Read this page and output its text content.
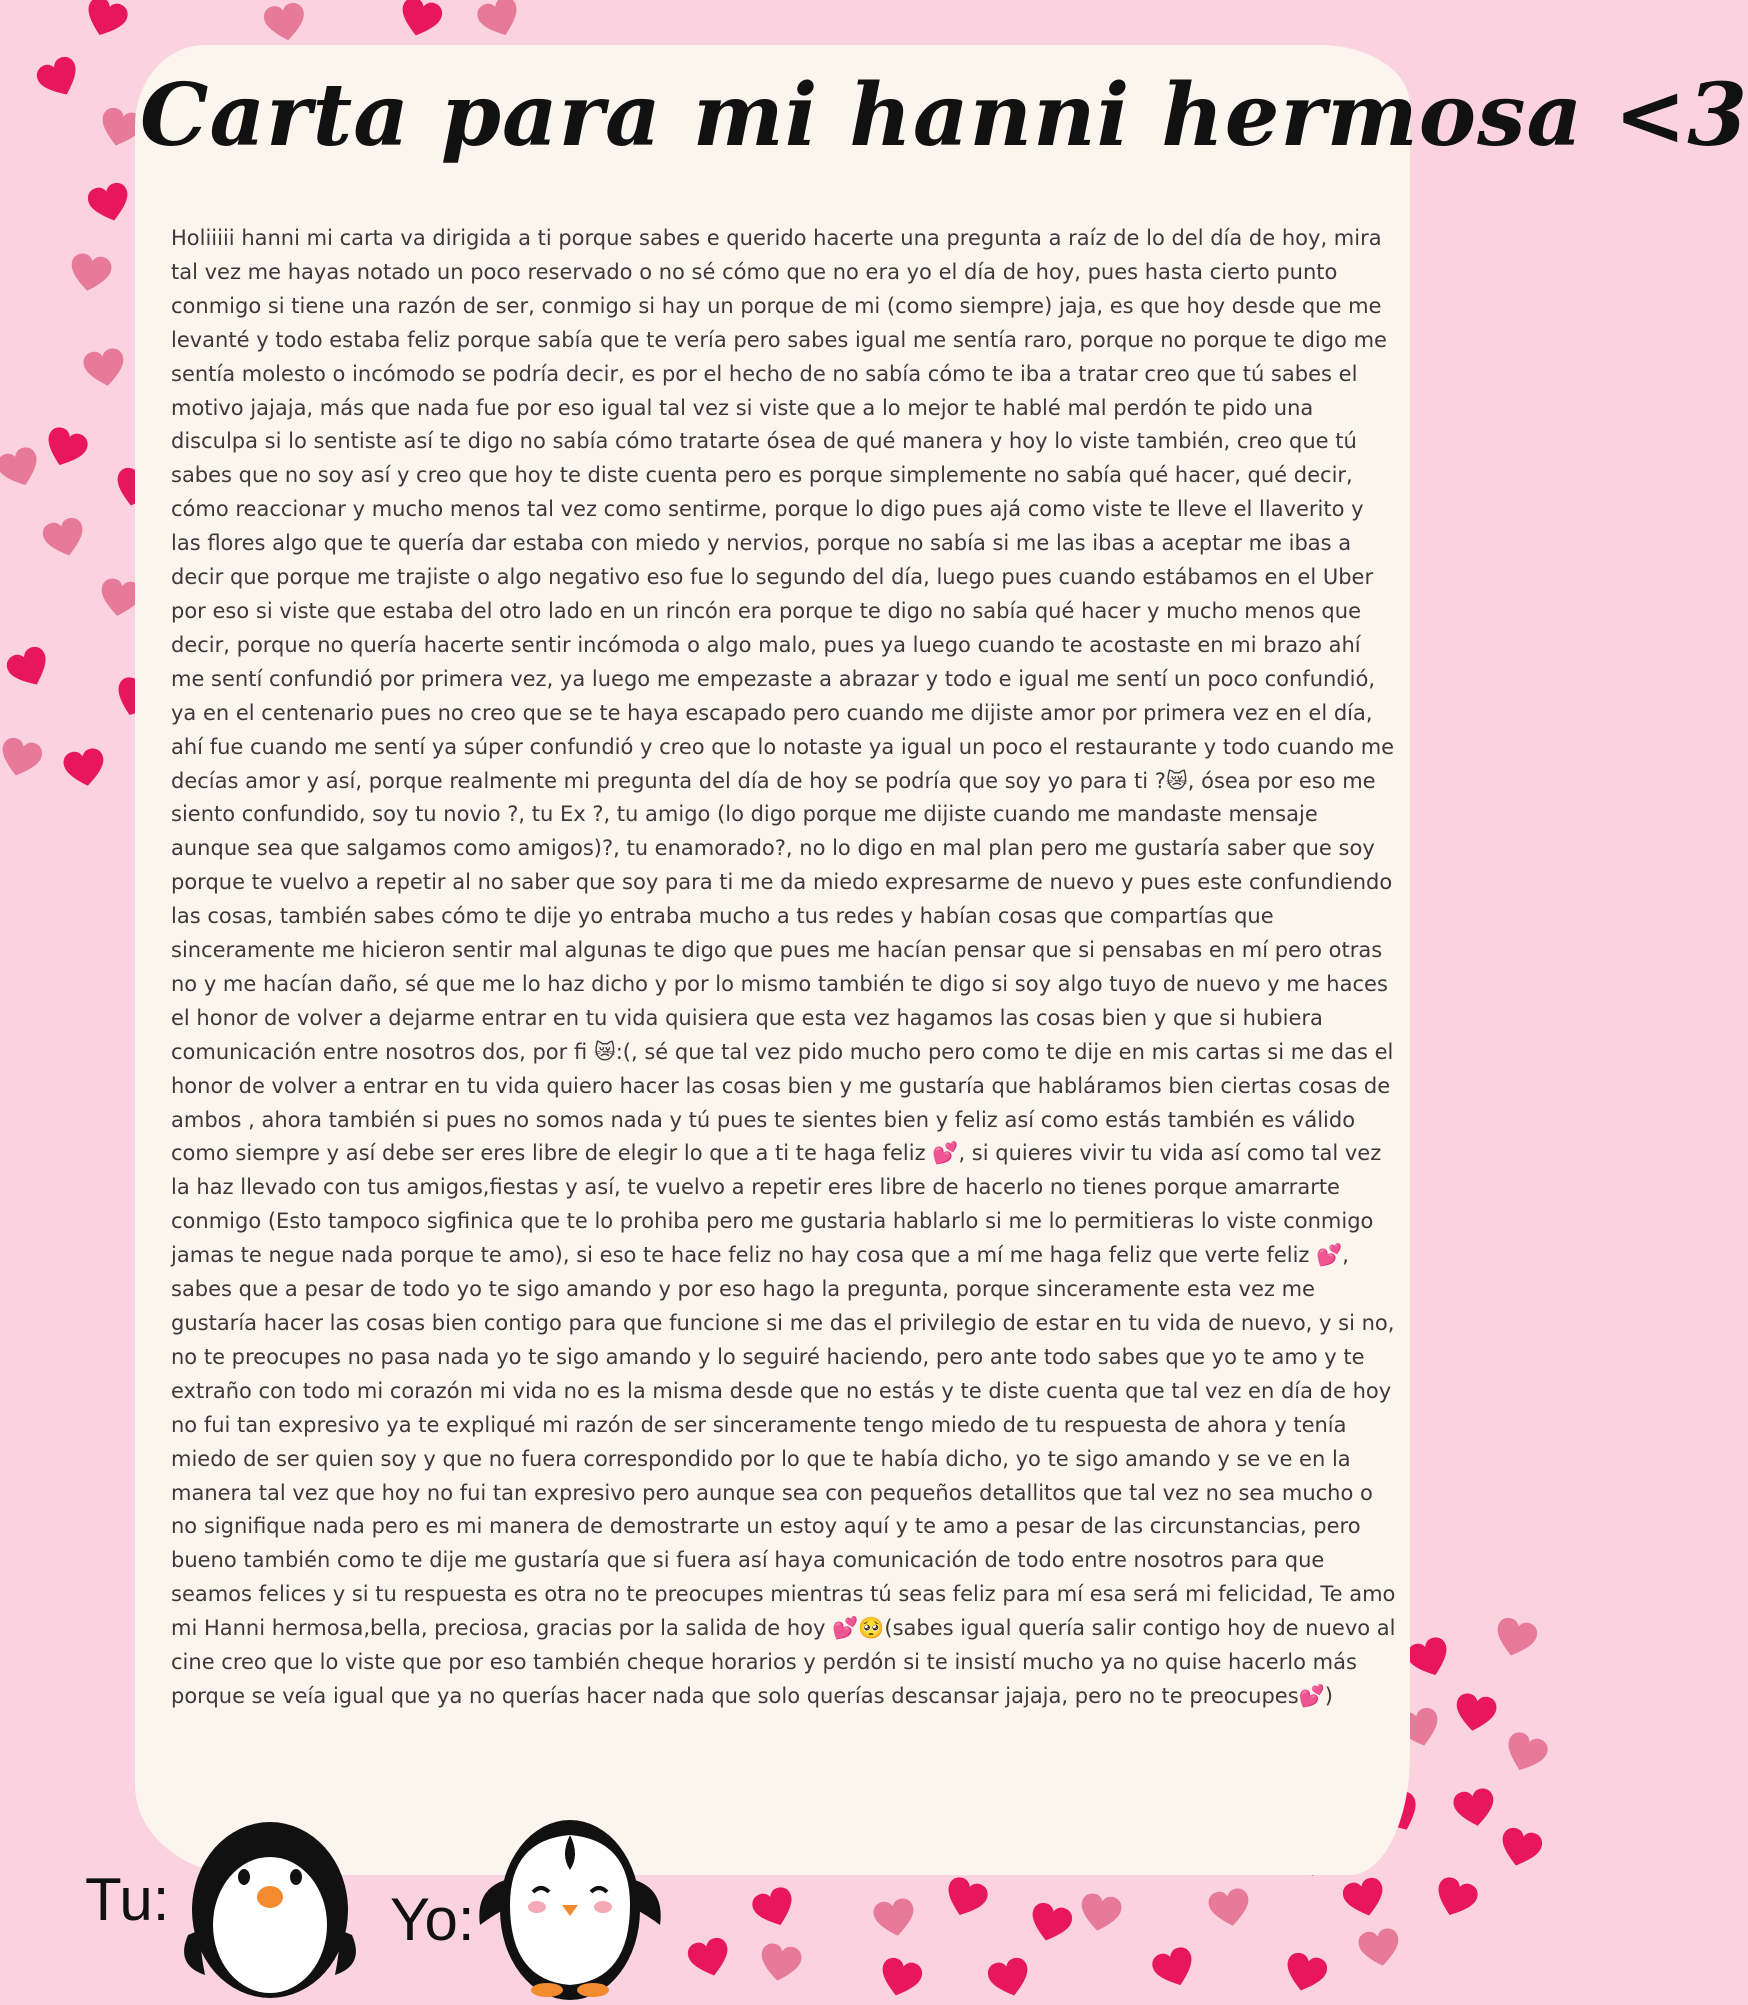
Carta para mi hanni hermosa <3

Holiiiii hanni mi carta va dirigida a ti porque sabes e querido hacerte una pregunta a raíz de lo del día de hoy, mira tal vez me hayas notado un poco reservado o no sé cómo que no era yo el día de hoy, pues hasta cierto punto conmigo si tiene una razón de ser, conmigo si hay un porque de mi (como siempre) jaja, es que hoy desde que me levanté y todo estaba feliz porque sabía que te vería pero sabes igual me sentía raro, porque no porque te digo me sentía molesto o incómodo se podría decir, es por el hecho de no sabía cómo te iba a tratar creo que tú sabes el motivo jajaja, más que nada fue por eso igual tal vez si viste que a lo mejor te hablé mal perdón te pido una disculpa si lo sentiste así te digo no sabía cómo tratarte ósea de qué manera y hoy lo viste también, creo que tú sabes que no soy así y creo que hoy te diste cuenta pero es porque simplemente no sabía qué hacer, qué decir, cómo reaccionar y mucho menos tal vez como sentirme, porque lo digo pues ajá como viste te lleve el llaverito y las flores algo que te quería dar estaba con miedo y nervios, porque no sabía si me las ibas a aceptar me ibas a decir que porque me trajiste o algo negativo eso fue lo segundo del día, luego pues cuando estábamos en el Uber por eso si viste que estaba del otro lado en un rincón era porque te digo no sabía qué hacer y mucho menos que decir, porque no quería hacerte sentir incómoda o algo malo, pues ya luego cuando te acostaste en mi brazo ahí me sentí confundió por primera vez, ya luego me empezaste a abrazar y todo e igual me sentí un poco confundió, ya en el centenario pues no creo que se te haya escapado pero cuando me dijiste amor por primera vez en el día, ahí fue cuando me sentí ya súper confundió y creo que lo notaste ya igual un poco el restaurante y todo cuando me decías amor y así, porque realmente mi pregunta del día de hoy se podría que soy yo para ti ?😿, ósea por eso me siento confundido, soy tu novio ?, tu Ex ?, tu amigo (lo digo porque me dijiste cuando me mandaste mensaje aunque sea que salgamos como amigos)?, tu enamorado?, no lo digo en mal plan pero me gustaría saber que soy porque te vuelvo a repetir al no saber que soy para ti me da miedo expresarme de nuevo y pues este confundiendo las cosas, también sabes cómo te dije yo entraba mucho a tus redes y habían cosas que compartías que sinceramente me hicieron sentir mal algunas te digo que pues me hacían pensar que si pensabas en mí pero otras no y me hacían daño, sé que me lo haz dicho y por lo mismo también te digo si soy algo tuyo de nuevo y me haces el honor de volver a dejarme entrar en tu vida quisiera que esta vez hagamos las cosas bien y que si hubiera comunicación entre nosotros dos, por fi 😿:(, sé que tal vez pido mucho pero como te dije en mis cartas si me das el honor de volver a entrar en tu vida quiero hacer las cosas bien y me gustaría que habláramos bien ciertas cosas de ambos , ahora también si pues no somos nada y tú pues te sientes bien y feliz así como estás también es válido como siempre y así debe ser eres libre de elegir lo que a ti te haga feliz 💕, si quieres vivir tu vida así como tal vez la haz llevado con tus amigos,fiestas y así, te vuelvo a repetir eres libre de hacerlo no tienes porque amarrarte conmigo (Esto tampoco sigfinica que te lo prohiba pero me gustaria hablarlo si me lo permitieras lo viste conmigo jamas te negue nada porque te amo), si eso te hace feliz no hay cosa que a mí me haga feliz que verte feliz 💕, sabes que a pesar de todo yo te sigo amando y por eso hago la pregunta, porque sinceramente esta vez me gustaría hacer las cosas bien contigo para que funcione si me das el privilegio de estar en tu vida de nuevo, y si no, no te preocupes no pasa nada yo te sigo amando y lo seguiré haciendo, pero ante todo sabes que yo te amo y te extraño con todo mi corazón mi vida no es la misma desde que no estás y te diste cuenta que tal vez en día de hoy no fui tan expresivo ya te expliqué mi razón de ser sinceramente tengo miedo de tu respuesta de ahora y tenía miedo de ser quien soy y que no fuera correspondido por lo que te había dicho, yo te sigo amando y se ve en la manera tal vez que hoy no fui tan expresivo pero aunque sea con pequeños detallitos que tal vez no sea mucho o no signifique nada pero es mi manera de demostrarte un estoy aquí y te amo a pesar de las circunstancias, pero bueno también como te dije me gustaría que si fuera así haya comunicación de todo entre nosotros para que seamos felices y si tu respuesta es otra no te preocupes mientras tú seas feliz para mí esa será mi felicidad, Te amo mi Hanni hermosa,bella, preciosa, gracias por la salida de hoy 💕🥺(sabes igual quería salir contigo hoy de nuevo al cine creo que lo viste que por eso también cheque horarios y perdón si te insistí mucho ya no quise hacerlo más porque se veía igual que ya no querías hacer nada que solo querías descansar jajaja, pero no te preocupes💕)

Tu:	Yo:
